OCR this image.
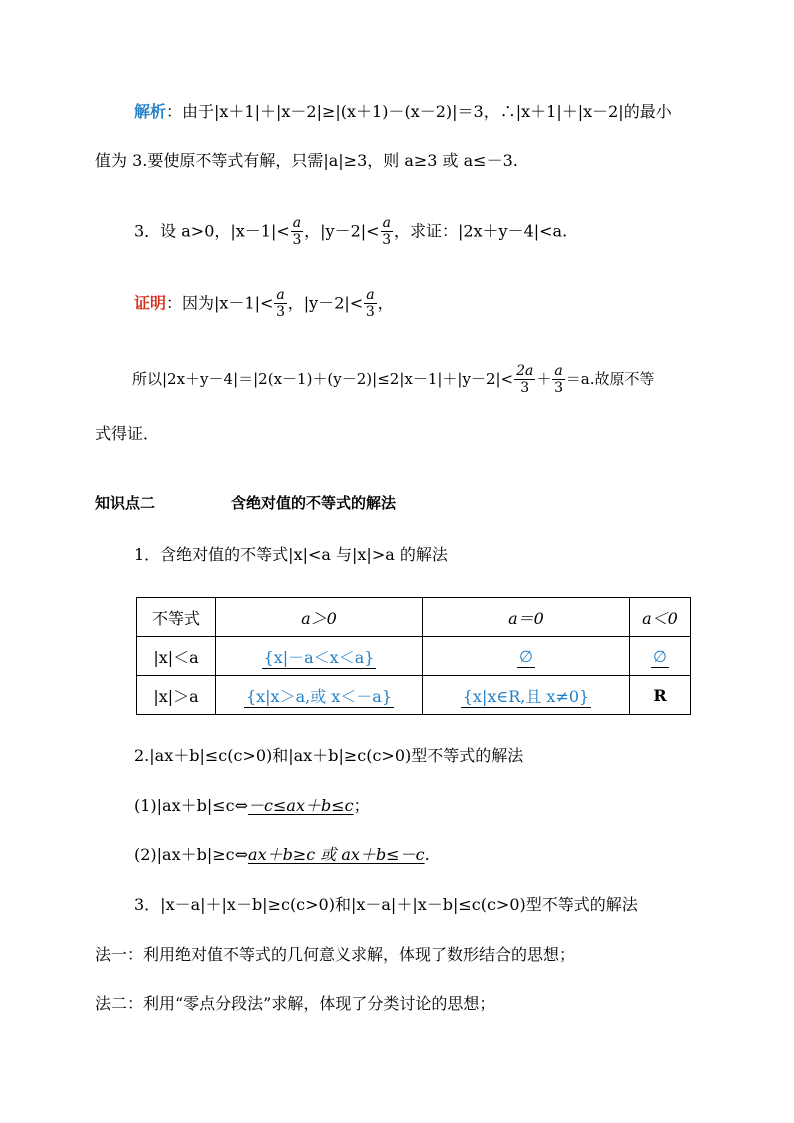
解析：由于|x＋1|＋|x－2|≥|(x＋1)－(x－2)|＝3，∴|x＋1|＋|x－2|的最小
值为 3.要使原不等式有解，只需|a|≥3，则 a≥3 或 a≤－3.
3．设 a>0，$|x-1|< \frac{a}{3}$ ，$|y-2|< \frac{a}{3}$ ，求证：|2x＋y－4|<a.
证明：因为$|x-1|< \frac{a}{3}$ ，$|y-2|< \frac{a}{3}$ ，
所以$|2x+y-4|=|2(x-1)+(y-2)|\le 2|x-1|+|y-2|< \frac{2a}{3} + \frac{a}{3} =a$.故原不等
式得证．
知识点二	含绝对值的不等式的解法
1．含绝对值的不等式|x|<a 与|x|>a 的解法
不等式	a＞0	a＝0	a＜0
|x|＜a	{x|－a＜x＜a}	∅	∅
|x|＞a	{x|x＞a,或 x＜－a}	{x|x∈R,且 x≠0}	R
2.|ax＋b|≤c(c>0)和|ax＋b|≥c(c>0)型不等式的解法
(1)|ax＋b|≤c⇔－c≤ax＋b≤c；
(2)|ax＋b|≥c⇔ax＋b≥c 或 ax＋b≤－c.
3．|x－a|＋|x－b|≥c(c>0)和|x－a|＋|x－b|≤c(c>0)型不等式的解法
法一：利用绝对值不等式的几何意义求解，体现了数形结合的思想；
法二：利用“零点分段法”求解，体现了分类讨论的思想；
